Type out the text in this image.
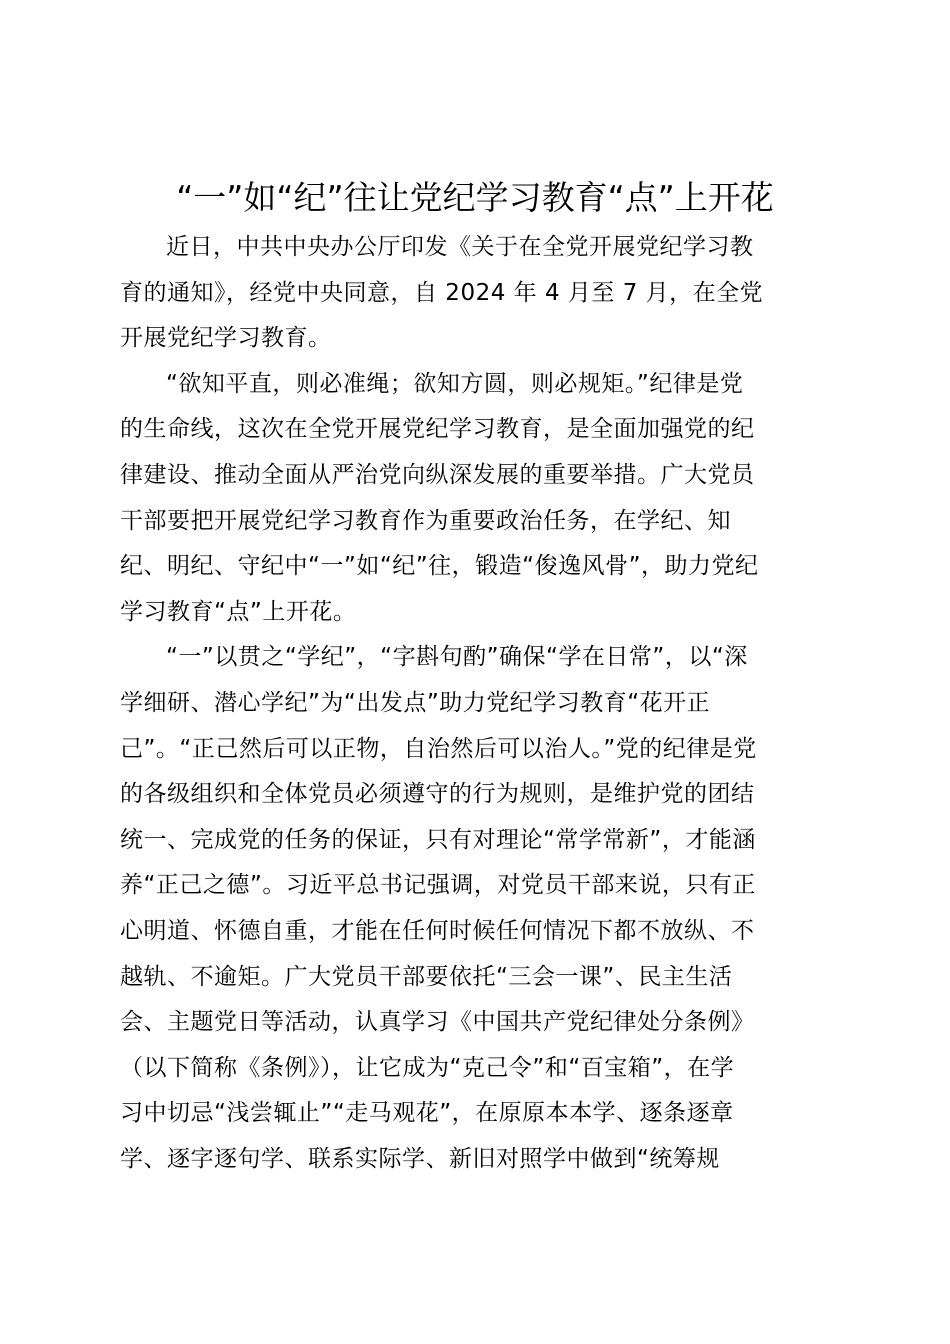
“一”如“纪”往让党纪学习教育“点”上开花

近日，中共中央办公厅印发《关于在全党开展党纪学习教
育的通知》，经党中央同意，自 2024 年 4 月至 7 月，在全党
开展党纪学习教育。

“欲知平直，则必准绳；欲知方圆，则必规矩。”纪律是党
的生命线，这次在全党开展党纪学习教育，是全面加强党的纪
律建设、推动全面从严治党向纵深发展的重要举措。广大党员
干部要把开展党纪学习教育作为重要政治任务，在学纪、知
纪、明纪、守纪中“一”如“纪”往，锻造“俊逸风骨”，助力党纪
学习教育“点”上开花。

“一”以贯之“学纪”，“字斟句酌”确保“学在日常”，以“深
学细研、潜心学纪”为“出发点”助力党纪学习教育“花开正
己”。“正己然后可以正物，自治然后可以治人。”党的纪律是党
的各级组织和全体党员必须遵守的行为规则，是维护党的团结
统一、完成党的任务的保证，只有对理论“常学常新”，才能涵
养“正己之德”。习近平总书记强调，对党员干部来说，只有正
心明道、怀德自重，才能在任何时候任何情况下都不放纵、不
越轨、不逾矩。广大党员干部要依托“三会一课”、民主生活
会、主题党日等活动，认真学习《中国共产党纪律处分条例》
（以下简称《条例》），让它成为“克己令”和“百宝箱”，在学
习中切忌“浅尝辄止”“走马观花”，在原原本本学、逐条逐章
学、逐字逐句学、联系实际学、新旧对照学中做到“统筹规
